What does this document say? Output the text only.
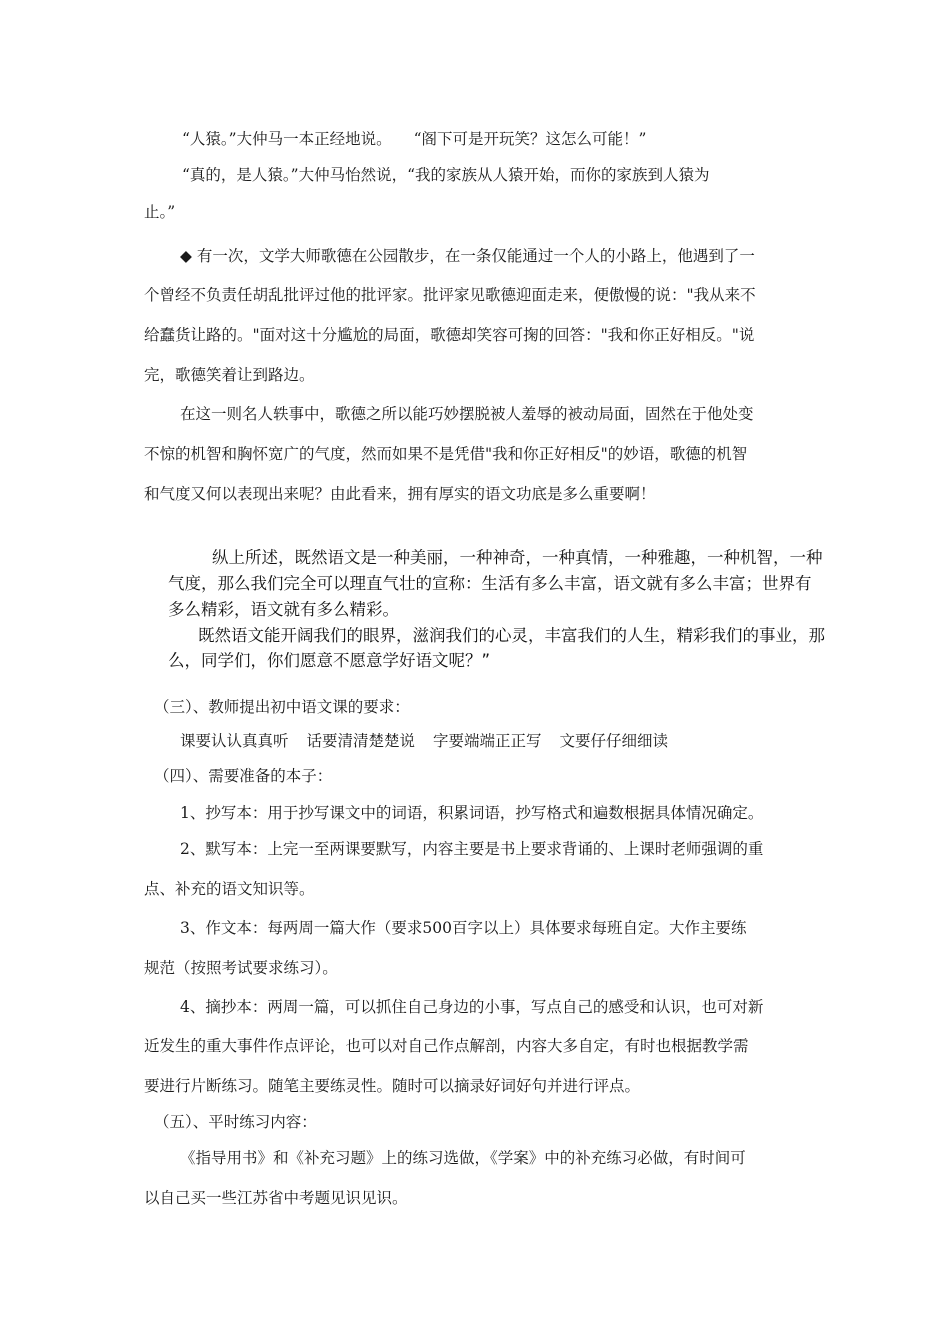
“人猿。”大仲马一本正经地说。 “阁下可是开玩笑？这怎么可能！”
“真的，是人猿。”大仲马怡然说，“我的家族从人猿开始，而你的家族到人猿为
止。”
◆ 有一次，文学大师歌德在公园散步，在一条仅能通过一个人的小路上，他遇到了一
个曾经不负责任胡乱批评过他的批评家。批评家见歌德迎面走来，便傲慢的说："我从来不
给蠢货让路的。"面对这十分尴尬的局面，歌德却笑容可掬的回答："我和你正好相反。"说
完，歌德笑着让到路边。
在这一则名人轶事中，歌德之所以能巧妙摆脱被人羞辱的被动局面，固然在于他处变
不惊的机智和胸怀宽广的气度，然而如果不是凭借"我和你正好相反"的妙语，歌德的机智
和气度又何以表现出来呢？由此看来，拥有厚实的语文功底是多么重要啊！
纵上所述，既然语文是一种美丽，一种神奇，一种真情，一种雅趣，一种机智，一种
气度，那么我们完全可以理直气壮的宣称：生活有多么丰富，语文就有多么丰富；世界有
多么精彩，语文就有多么精彩。
既然语文能开阔我们的眼界，滋润我们的心灵，丰富我们的人生，精彩我们的事业，那
么，同学们，你们愿意不愿意学好语文呢？”
（三）、教师提出初中语文课的要求：
课要认认真真听 话要清清楚楚说 字要端端正正写 文要仔仔细细读
（四）、需要准备的本子：
1、抄写本：用于抄写课文中的词语，积累词语，抄写格式和遍数根据具体情况确定。
2、默写本：上完一至两课要默写，内容主要是书上要求背诵的、上课时老师强调的重
点、补充的语文知识等。
3、作文本：每两周一篇大作（要求500百字以上）具体要求每班自定。大作主要练
规范（按照考试要求练习）。
4、摘抄本：两周一篇，可以抓住自己身边的小事，写点自己的感受和认识，也可对新
近发生的重大事件作点评论，也可以对自己作点解剖，内容大多自定，有时也根据教学需
要进行片断练习。随笔主要练灵性。随时可以摘录好词好句并进行评点。
（五）、平时练习内容：
《指导用书》和《补充习题》上的练习选做，《学案》中的补充练习必做，有时间可
以自己买一些江苏省中考题见识见识。
